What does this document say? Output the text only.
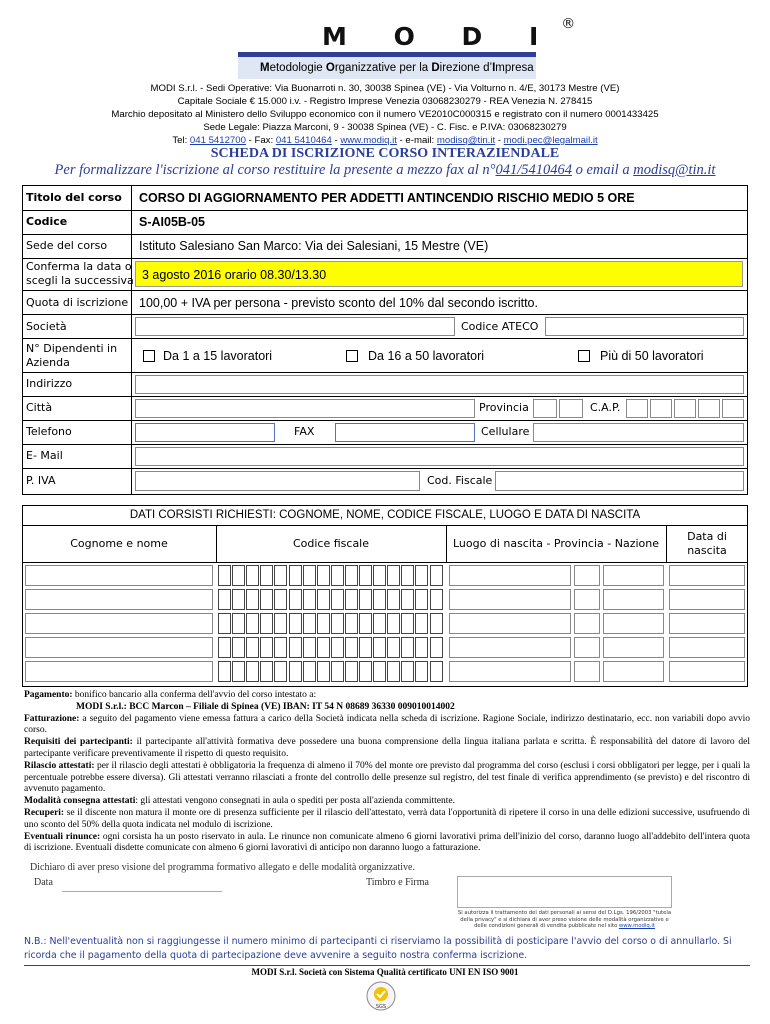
M O D I ®
Metodologie Organizzative per la Direzione d’Impresa
MODI S.r.l. - Sedi Operative: Via Buonarroti n. 30, 30038 Spinea (VE) - Via Volturno n. 4/E, 30173 Mestre (VE)
Capitale Sociale € 15.000 i.v. - Registro Imprese Venezia 03068230279 - REA Venezia N. 278415
Marchio depositato al Ministero dello Sviluppo economico con il numero VE2010C000315 e registrato con il numero 0001433425
Sede Legale: Piazza Marconi, 9 - 30038 Spinea (VE) - C. Fisc. e P.IVA: 03068230279
Tel: 041 5412700 - Fax: 041 5410464 - www.modiq.it - e-mail: modisq@tin.it - modi.pec@legalmail.it
SCHEDA DI ISCRIZIONE CORSO INTERAZIENDALE
Per formalizzare l'iscrizione al corso restituire la presente a mezzo fax al n°041/5410464 o email a modisq@tin.it
Titolo del corso CORSO DI AGGIORNAMENTO PER ADDETTI ANTINCENDIO RISCHIO MEDIO 5 ORE
Codice	S-AI05B-05
Sede del corso	Istituto Salesiano San Marco: Via dei Salesiani, 15 Mestre (VE)
Conferma la data o
scegli la successiva 3 agosto 2016 orario 08.30/13.30
Quota di iscrizione 100,00 + IVA per persona - previsto sconto del 10% dal secondo iscritto.
Società	Codice ATECO
N° Dipendenti in
Azienda	Da 1 a 15 lavoratori	Da 16 a 50 lavoratori	Più di 50 lavoratori
Indirizzo
Città	Provincia	C.A.P.
Telefono	FAX	Cellulare
E- Mail
P. IVA	Cod. Fiscale
DATI CORSISTI RICHIESTI: COGNOME, NOME, CODICE FISCALE, LUOGO E DATA DI NASCITA
Cognome e nome	Codice fiscale	Luogo di nascita - Provincia - Nazione
Data di
nascita
Pagamento: bonifico bancario alla conferma dell'avvio del corso intestato a:
MODI S.r.l.: BCC Marcon – Filiale di Spinea (VE) IBAN: IT 54 N 08689 36330 009010014002
Fatturazione: a seguito del pagamento viene emessa fattura a carico della Società indicata nella scheda di iscrizione. Ragione Sociale, indirizzo destinatario, ecc. non variabili dopo avvio corso.
Requisiti dei partecipanti: il partecipante all'attività formativa deve possedere una buona comprensione della lingua italiana parlata e scritta. È responsabilità del datore di lavoro del partecipante verificare preventivamente il rispetto di questo requisito.
Rilascio attestati: per il rilascio degli attestati è obbligatoria la frequenza di almeno il 70% del monte ore previsto dal programma del corso (esclusi i corsi obbligatori per legge, per i quali la percentuale potrebbe essere diversa). Gli attestati verranno rilasciati a fronte del controllo delle presenze sul registro, del test finale di verifica apprendimento (se previsto) e del riscontro di avvenuto pagamento.
Modalità consegna attestati: gli attestati vengono consegnati in aula o spediti per posta all'azienda committente.
Recuperi: se il discente non matura il monte ore di presenza sufficiente per il rilascio dell'attestato, verrà data l'opportunità di ripetere il corso in una delle edizioni successive, usufruendo di uno sconto del 50% della quota indicata nel modulo di iscrizione.
Eventuali rinunce: ogni corsista ha un posto riservato in aula. Le rinunce non comunicate almeno 6 giorni lavorativi prima dell'inizio del corso, daranno luogo all'addebito dell'intera quota di iscrizione. Eventuali disdette comunicate con almeno 6 giorni lavorativi di anticipo non daranno luogo a fatturazione.
Dichiaro di aver preso visione del programma formativo allegato e delle modalità organizzative.
Data	Timbro e Firma
Si autorizza il trattamento dei dati personali ai sensi del D.Lgs. 196/2003 "tutela della privacy" e si dichiara di aver preso visione delle modalità organizzative e delle condizioni generali di vendita pubblicate nel sito www.modiq.it
N.B.: Nell'eventualità non si raggiungesse il numero minimo di partecipanti ci riserviamo la possibilità di posticipare l'avvio del corso o di annullarlo. Si ricorda che il pagamento della quota di partecipazione deve avvenire a seguito nostra conferma iscrizione.
MODI S.r.l. Società con Sistema Qualità certificato UNI EN ISO 9001
SGS
